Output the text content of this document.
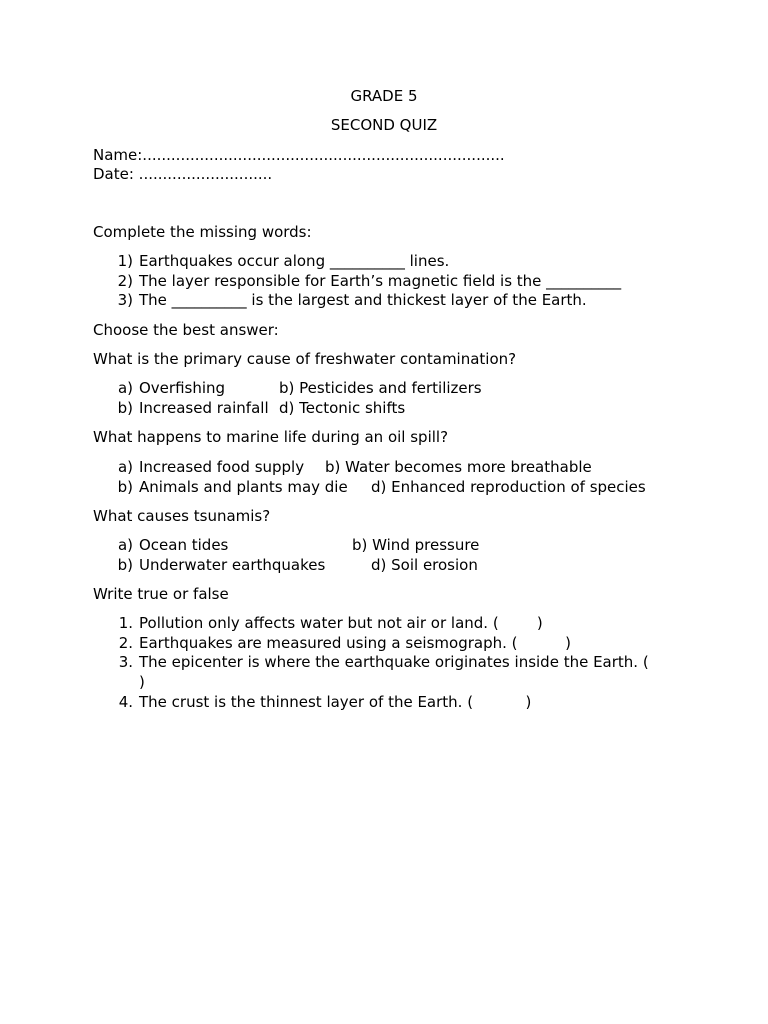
GRADE 5
SECOND QUIZ
Name:............................................................................
Date: ............................
Complete the missing words:
1) Earthquakes occur along __________ lines.
2) The layer responsible for Earth’s magnetic field is the __________
3) The __________ is the largest and thickest layer of the Earth.
Choose the best answer:
What is the primary cause of freshwater contamination?
a) Overfishing	b) Pesticides and fertilizers
b) Increased rainfall d) Tectonic shifts
What happens to marine life during an oil spill?
a) Increased food supply b) Water becomes more breathable
b) Animals and plants may die d) Enhanced reproduction of species
What causes tsunamis?
a) Ocean tides	b) Wind pressure
b) Underwater earthquakes	d) Soil erosion
Write true or false
1. Pollution only affects water but not air or land. (        )
2. Earthquakes are measured using a seismograph. (          )
3. The epicenter is where the earthquake originates inside the Earth. (
)
4. The crust is the thinnest layer of the Earth. (           )
